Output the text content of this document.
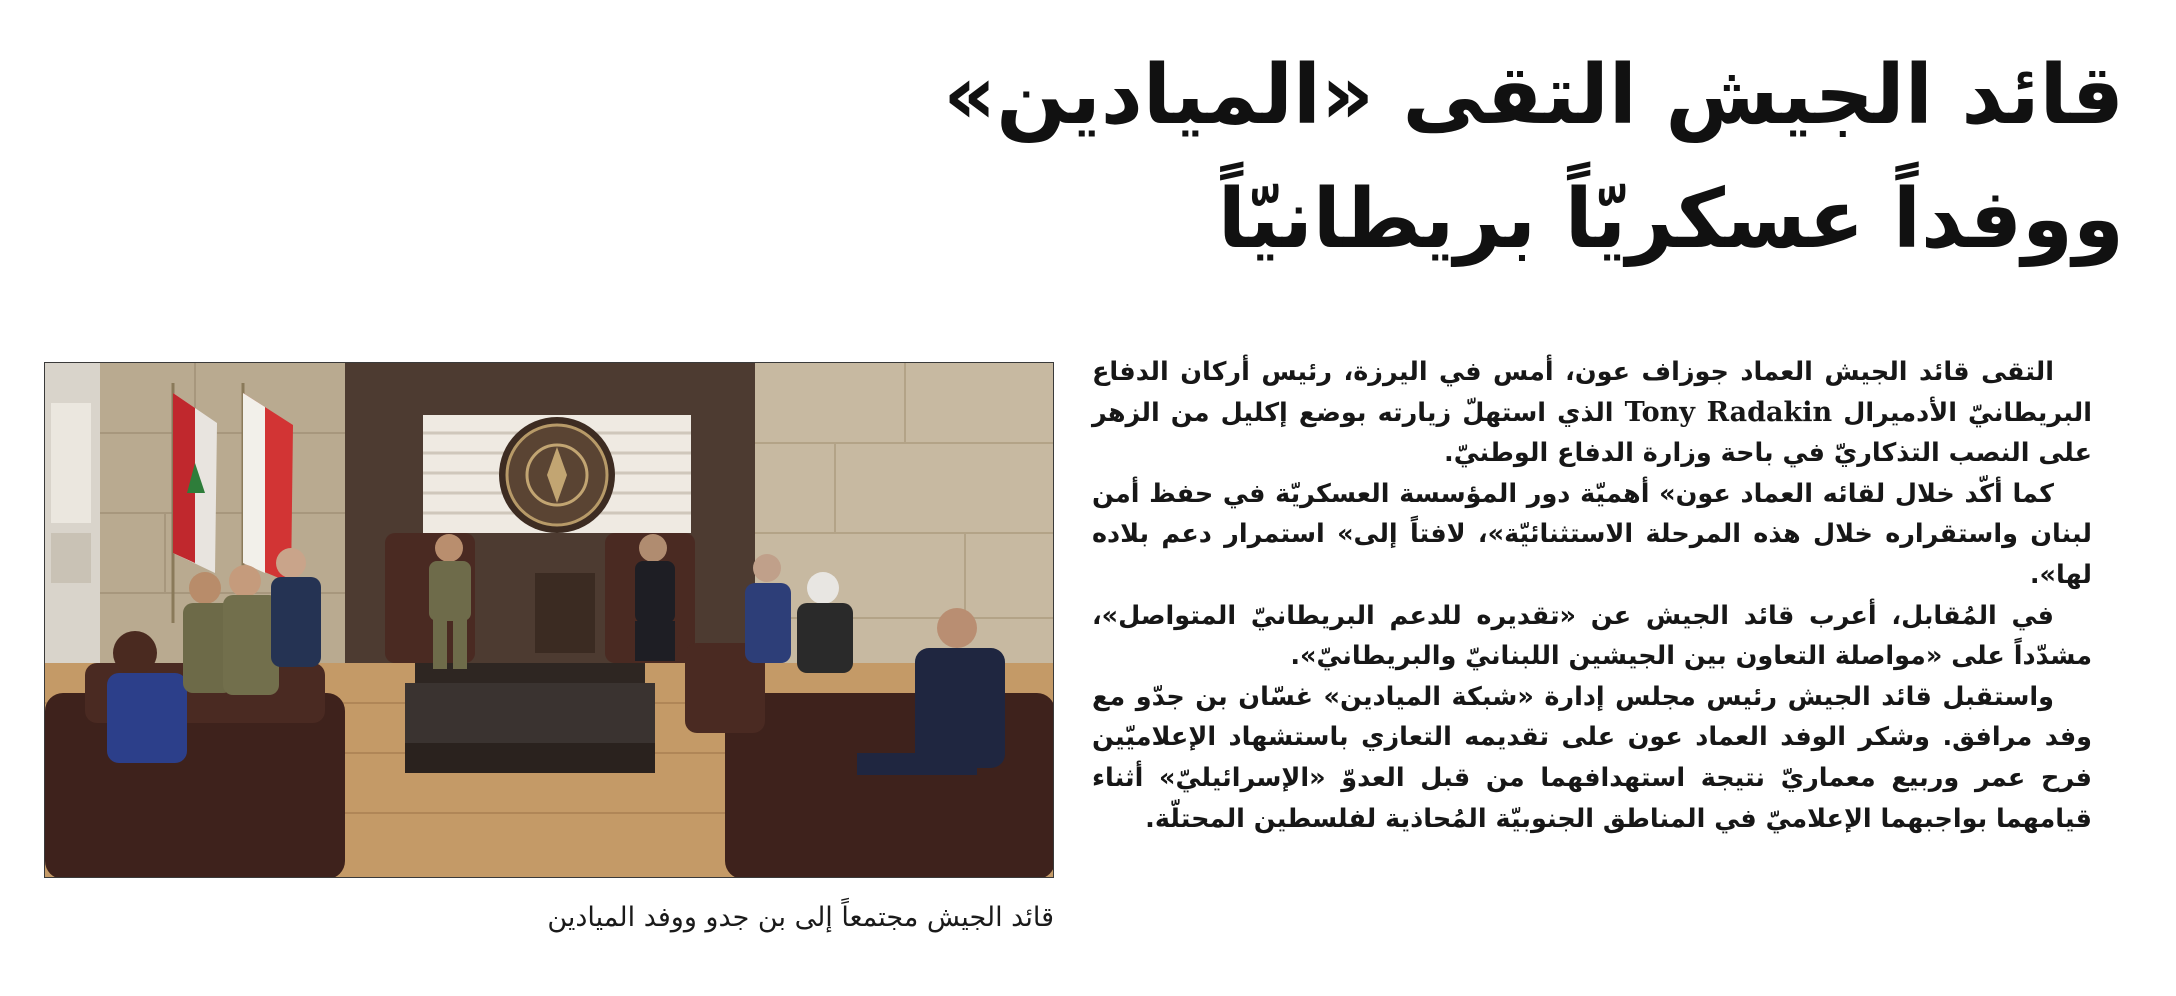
قائد الجيش التقى «الميادين»
ووفداً عسكريّاً بريطانيّاً

التقى قائد الجيش العماد جوزاف عون، أمس في اليرزة، رئيس أركان الدفاع البريطانيّ الأدميرال Tony Radakin الذي استهلّ زيارته بوضع إكليل من الزهر على النصب التذكاريّ في باحة وزارة الدفاع الوطنيّ.

كما أكّد خلال لقائه العماد عون» أهميّة دور المؤسسة العسكريّة في حفظ أمن لبنان واستقراره خلال هذه المرحلة الاستثنائيّة»، لافتاً إلى» استمرار دعم بلاده لها».

في المُقابل، أعرب قائد الجيش عن «تقديره للدعم البريطانيّ المتواصل»، مشدّداً على «مواصلة التعاون بين الجيشين اللبنانيّ والبريطانيّ».

واستقبل قائد الجيش رئيس مجلس إدارة «شبكة الميادين» غسّان بن جدّو مع وفد مرافق. وشكر الوفد العماد عون على تقديمه التعازي باستشهاد الإعلاميّين فرح عمر وربيع معماريّ نتيجة استهدافهما من قبل العدوّ «الإسرائيليّ» أثناء قيامهما بواجبهما الإعلاميّ في المناطق الجنوبيّة المُحاذية لفلسطين المحتلّة.

قائد الجيش مجتمعاً إلى بن جدو ووفد الميادين
